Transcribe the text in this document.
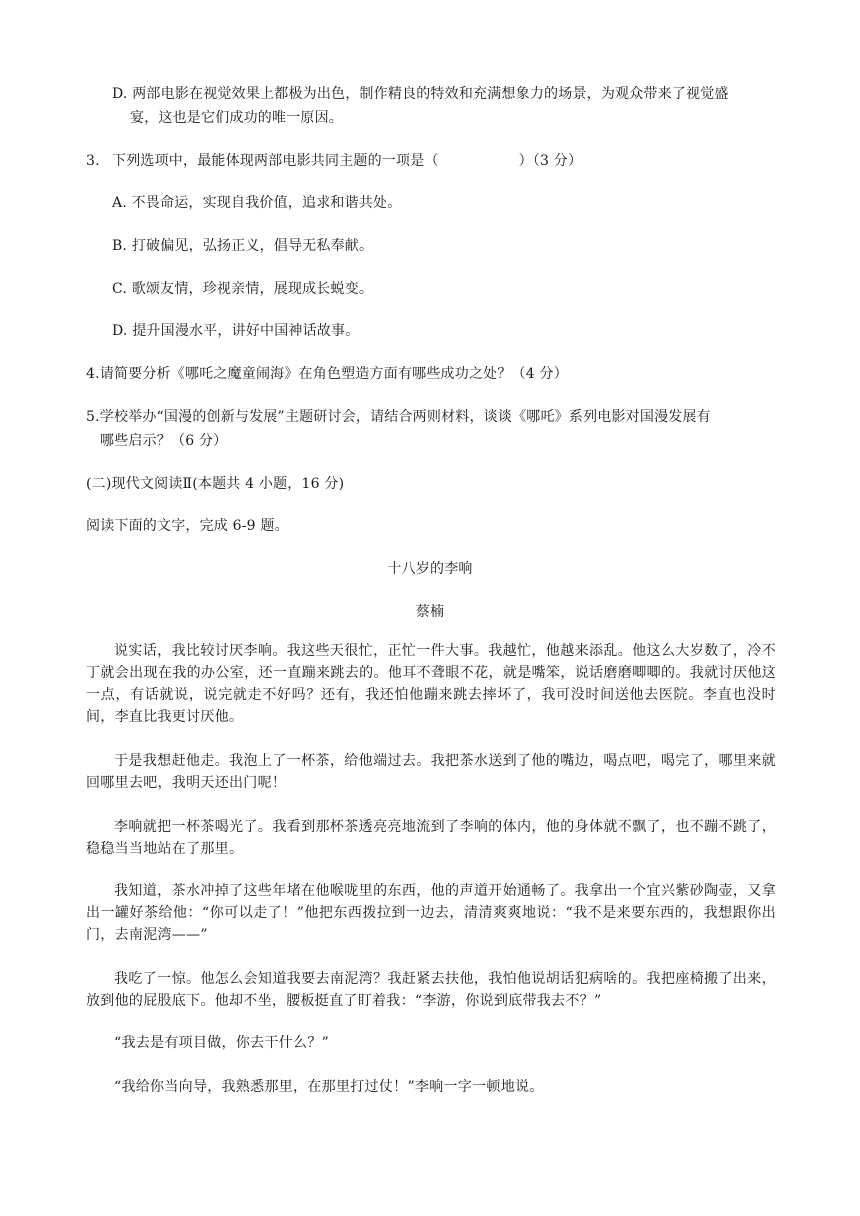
D. 两部电影在视觉效果上都极为出色，制作精良的特效和充满想象力的场景，为观众带来了视觉盛
宴，这也是它们成功的唯一原因。
3. 下列选项中，最能体现两部电影共同主题的一项是（	）（3 分）
A. 不畏命运，实现自我价值，追求和谐共处。
B. 打破偏见，弘扬正义，倡导无私奉献。
C. 歌颂友情，珍视亲情，展现成长蜕变。
D. 提升国漫水平，讲好中国神话故事。
4.请简要分析《哪吒之魔童闹海》在角色塑造方面有哪些成功之处？（4 分）
5.学校举办“国漫的创新与发展”主题研讨会，请结合两则材料，谈谈《哪吒》系列电影对国漫发展有
哪些启示？（6 分）
(二)现代文阅读Ⅱ(本题共 4 小题，16 分)
阅读下面的文字，完成 6-9 题。
十八岁的李响
蔡楠

说实话，我比较讨厌李响。我这些天很忙，正忙一件大事。我越忙，他越来添乱。他这么大岁数了，冷不丁就会出现在我的办公室，还一直蹦来跳去的。他耳不聋眼不花，就是嘴笨，说话磨磨唧唧的。我就讨厌他这一点，有话就说，说完就走不好吗？还有，我还怕他蹦来跳去摔坏了，我可没时间送他去医院。李直也没时间，李直比我更讨厌他。

于是我想赶他走。我泡上了一杯茶，给他端过去。我把茶水送到了他的嘴边，喝点吧，喝完了，哪里来就回哪里去吧，我明天还出门呢！

李响就把一杯茶喝光了。我看到那杯茶透亮亮地流到了李响的体内，他的身体就不飘了，也不蹦不跳了，稳稳当当地站在了那里。

我知道，茶水冲掉了这些年堵在他喉咙里的东西，他的声道开始通畅了。我拿出一个宜兴紫砂陶壶，又拿出一罐好茶给他：“你可以走了！”他把东西拨拉到一边去，清清爽爽地说：“我不是来要东西的，我想跟你出门，去南泥湾——”

我吃了一惊。他怎么会知道我要去南泥湾？我赶紧去扶他，我怕他说胡话犯病啥的。我把座椅搬了出来，放到他的屁股底下。他却不坐，腰板挺直了盯着我：“李游，你说到底带我去不？”

“我去是有项目做，你去干什么？”

“我给你当向导，我熟悉那里，在那里打过仗！”李响一字一顿地说。
